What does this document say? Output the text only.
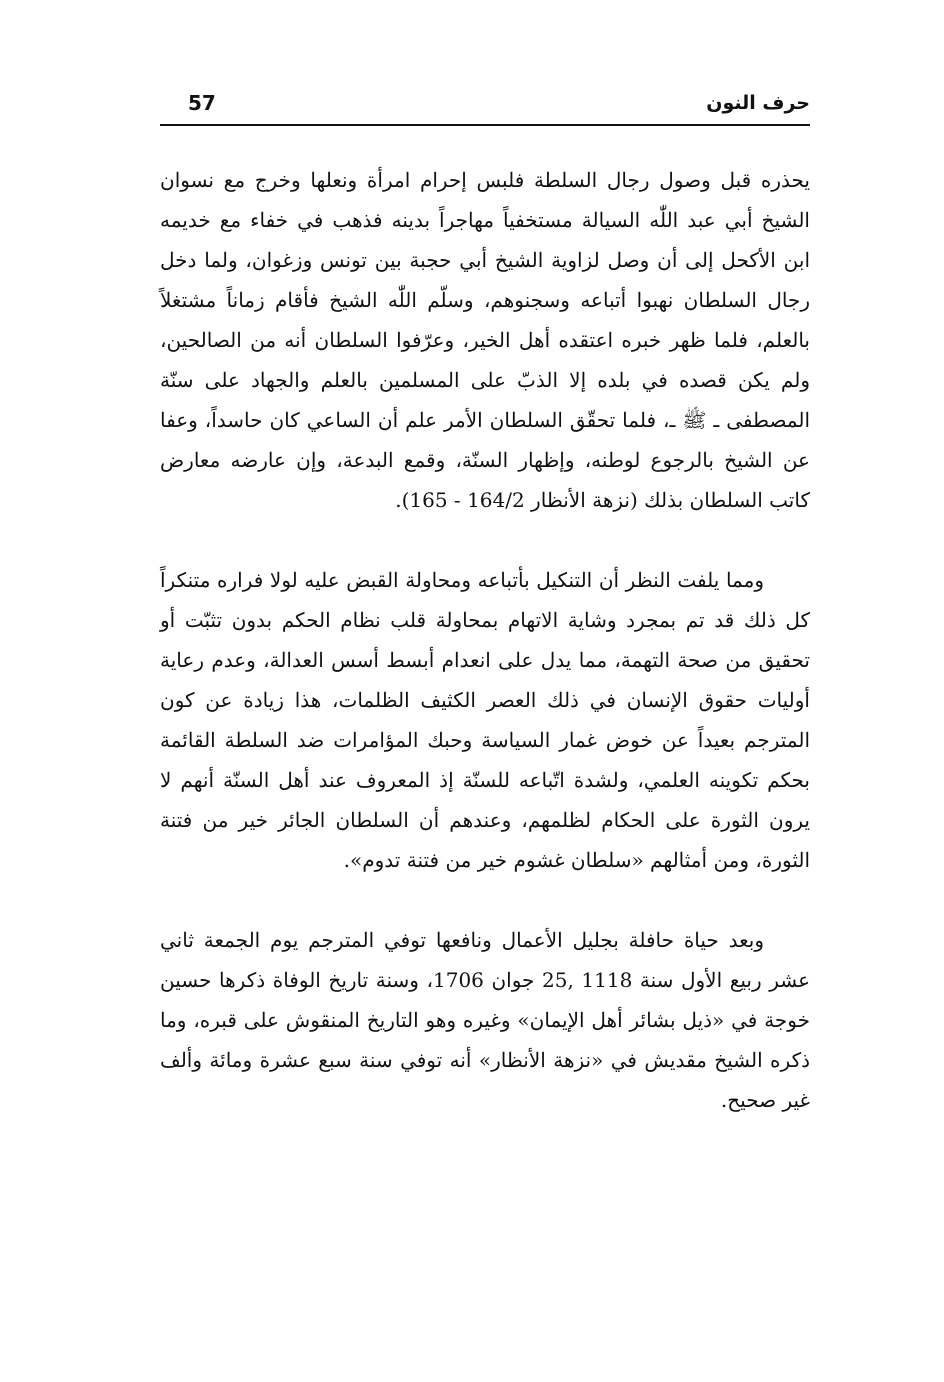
57	حرف النون

يحذره قبل وصول رجال السلطة فلبس إحرام امرأة ونعلها وخرج مع نسوان الشيخ أبي عبد اللّٰه السيالة مستخفياً مهاجراً بدينه فذهب في خفاء مع خديمه ابن الأكحل إلى أن وصل لزاوية الشيخ أبي حجبة بين تونس وزغوان، ولما دخل رجال السلطان نهبوا أتباعه وسجنوهم، وسلّم اللّٰه الشيخ فأقام زماناً مشتغلاً بالعلم، فلما ظهر خبره اعتقده أهل الخير، وعرّفوا السلطان أنه من الصالحين، ولم يكن قصده في بلده إلا الذبّ على المسلمين بالعلم والجهاد على سنّة المصطفى ـ ﷺ ـ، فلما تحقّق السلطان الأمر علم أن الساعي كان حاسداً، وعفا عن الشيخ بالرجوع لوطنه، وإظهار السنّة، وقمع البدعة، وإن عارضه معارض كاتب السلطان بذلك (نزهة الأنظار 164/2 - 165).

ومما يلفت النظر أن التنكيل بأتباعه ومحاولة القبض عليه لولا فراره متنكراً كل ذلك قد تم بمجرد وشاية الاتهام بمحاولة قلب نظام الحكم بدون تثبّت أو تحقيق من صحة التهمة، مما يدل على انعدام أبسط أسس العدالة، وعدم رعاية أوليات حقوق الإنسان في ذلك العصر الكثيف الظلمات، هذا زيادة عن كون المترجم بعيداً عن خوض غمار السياسة وحبك المؤامرات ضد السلطة القائمة بحكم تكوينه العلمي، ولشدة اتّباعه للسنّة إذ المعروف عند أهل السنّة أنهم لا يرون الثورة على الحكام لظلمهم، وعندهم أن السلطان الجائر خير من فتنة الثورة، ومن أمثالهم «سلطان غشوم خير من فتنة تدوم».

وبعد حياة حافلة بجليل الأعمال ونافعها توفي المترجم يوم الجمعة ثاني عشر ربيع الأول سنة 1118 ,25 جوان 1706، وسنة تاريخ الوفاة ذكرها حسين خوجة في «ذيل بشائر أهل الإيمان» وغيره وهو التاريخ المنقوش على قبره، وما ذكره الشيخ مقديش في «نزهة الأنظار» أنه توفي سنة سبع عشرة ومائة وألف غير صحيح.
